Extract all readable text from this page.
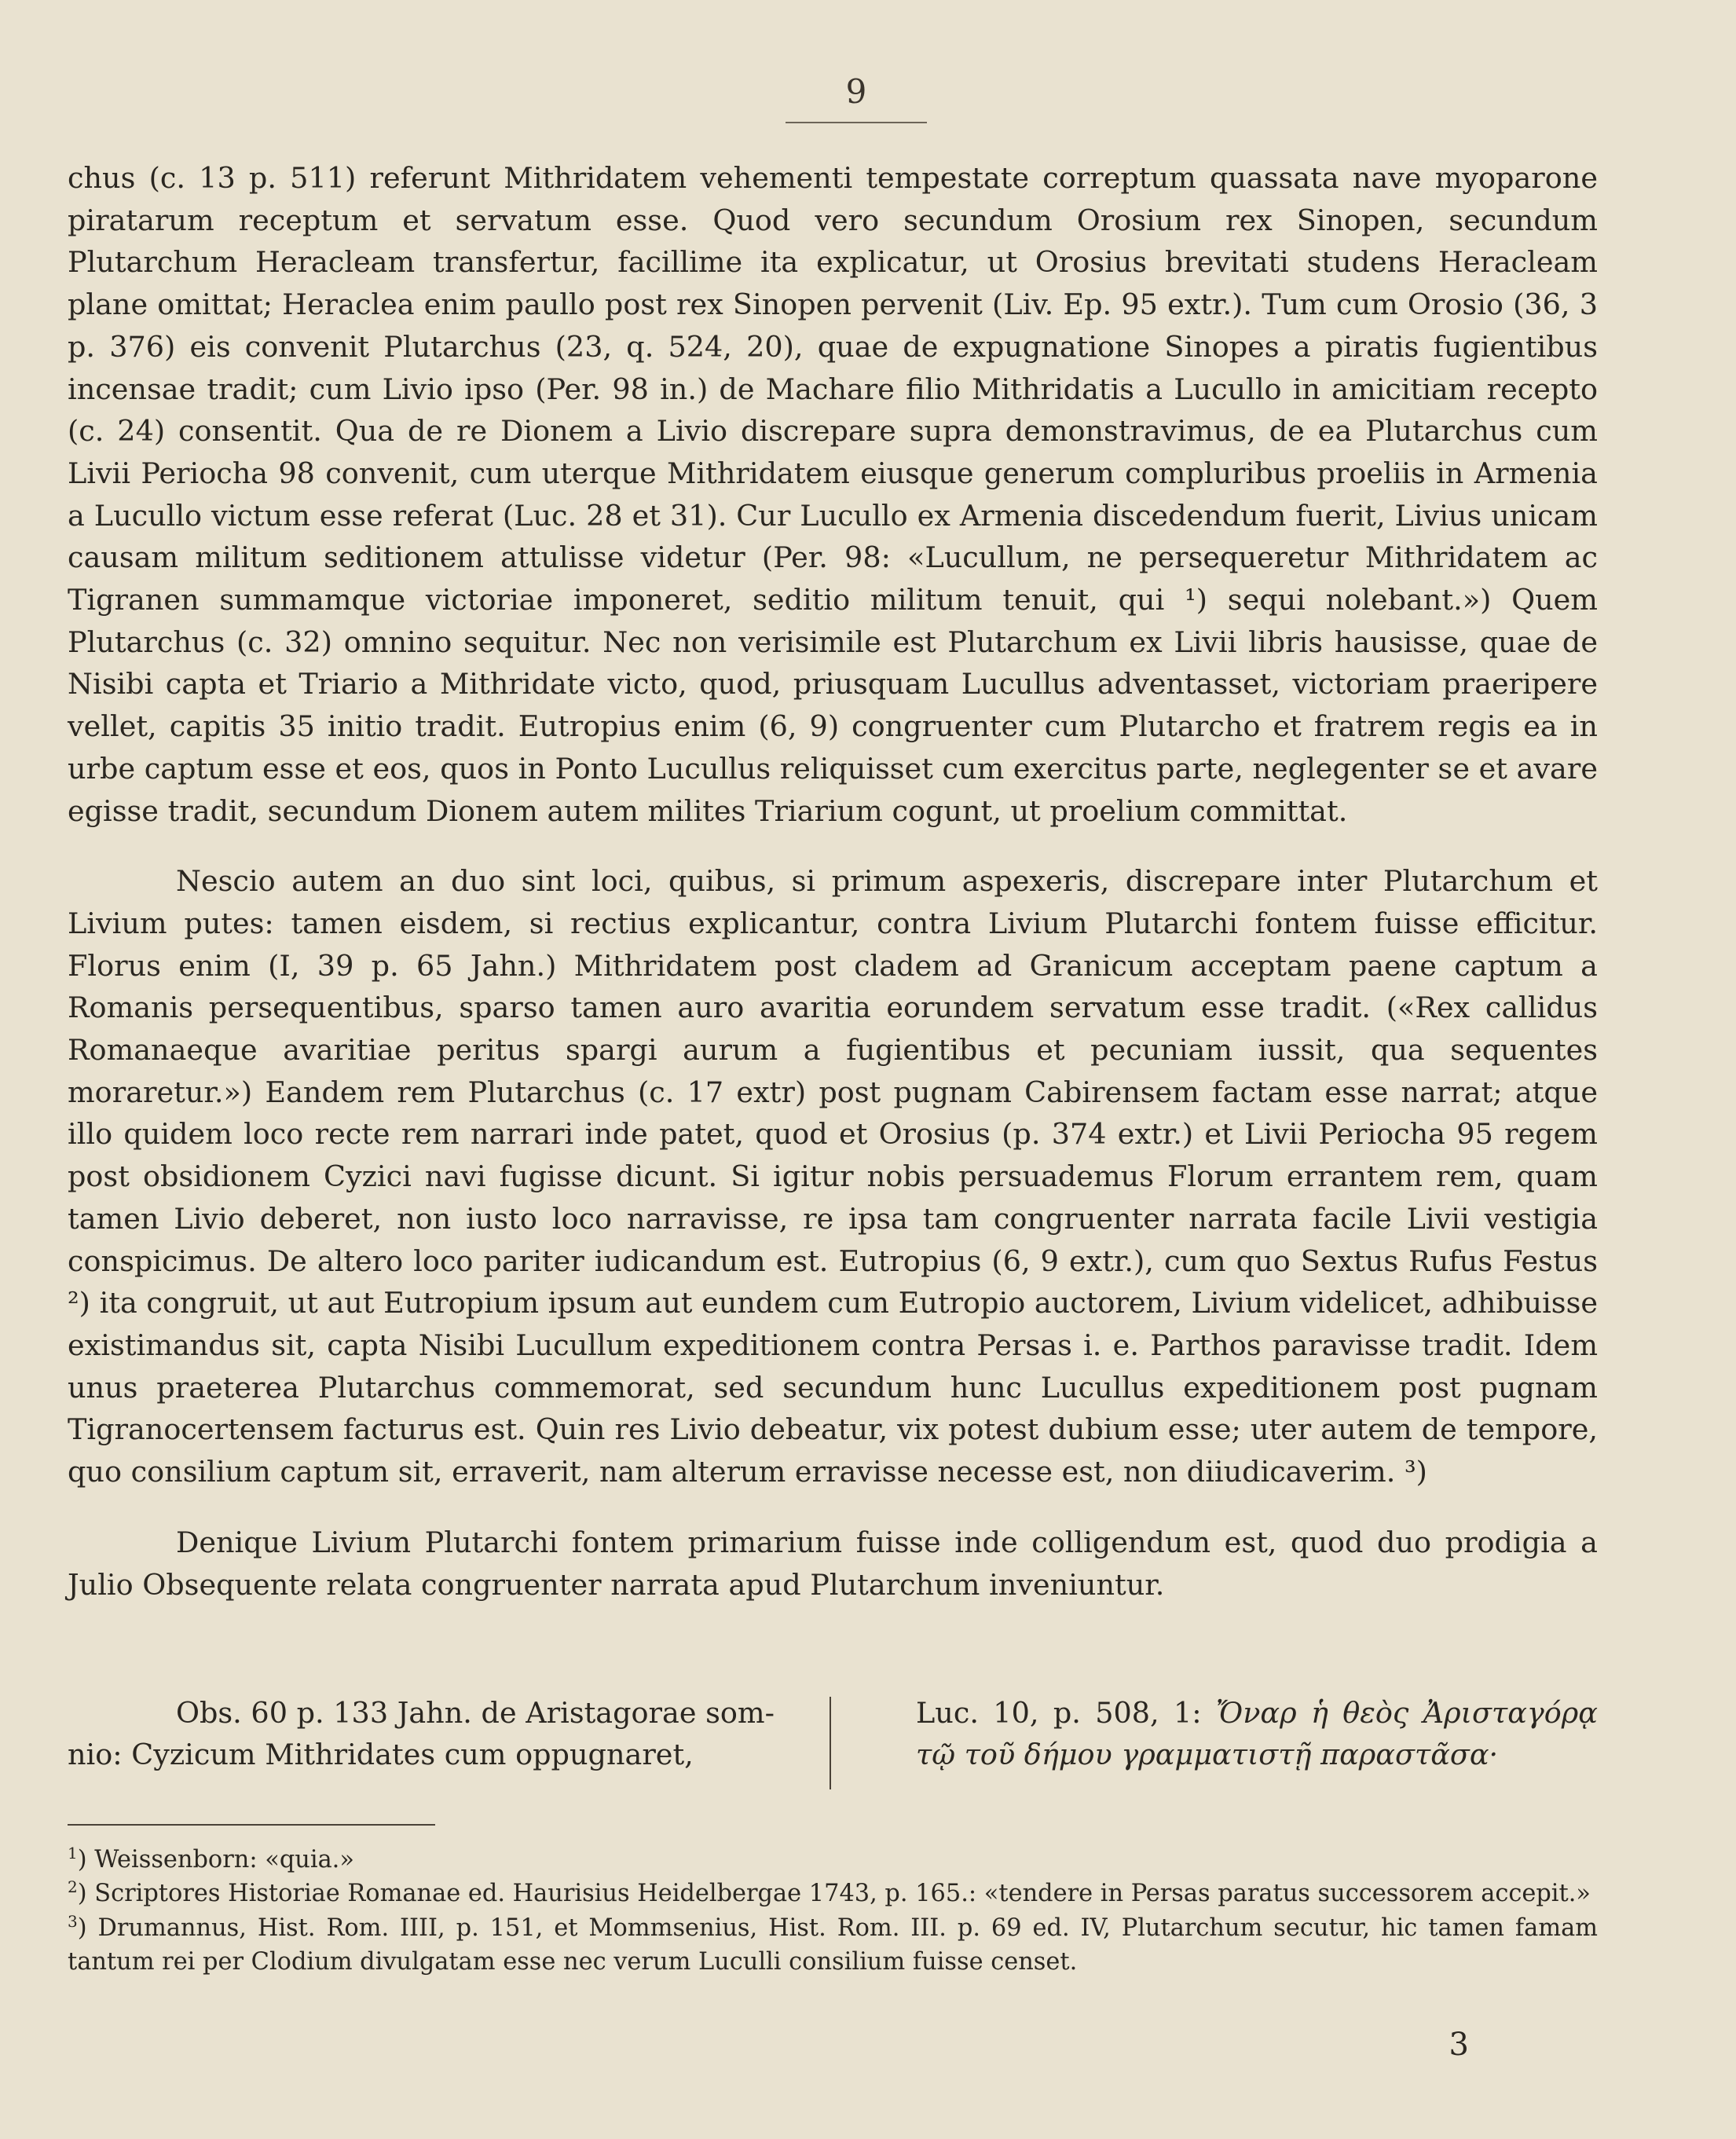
9

chus (c. 13 p. 511) referunt Mithridatem vehementi tempestate correptum quassata nave myoparone piratarum receptum et servatum esse. Quod vero secundum Orosium rex Sinopen, secundum Plutarchum Heracleam transfertur, facillime ita explicatur, ut Orosius brevitati studens Heracleam plane omittat; Heraclea enim paullo post rex Sinopen pervenit (Liv. Ep. 95 extr.). Tum cum Orosio (36, 3 p. 376) eis convenit Plutarchus (23, q. 524, 20), quae de expugnatione Sinopes a piratis fugientibus incensae tradit; cum Livio ipso (Per. 98 in.) de Machare filio Mithridatis a Lucullo in amicitiam recepto (c. 24) consentit. Qua de re Dionem a Livio discrepare supra demonstravimus, de ea Plutarchus cum Livii Periocha 98 convenit, cum uterque Mithridatem eiusque generum compluribus proeliis in Armenia a Lucullo victum esse referat (Luc. 28 et 31). Cur Lucullo ex Armenia discedendum fuerit, Livius unicam causam militum seditionem attulisse videtur (Per. 98: «Lucullum, ne persequeretur Mithridatem ac Tigranen summamque victoriae imponeret, seditio militum tenuit, qui ¹) sequi nolebant.») Quem Plutarchus (c. 32) omnino sequitur. Nec non verisimile est Plutarchum ex Livii libris hausisse, quae de Nisibi capta et Triario a Mithridate victo, quod, priusquam Lucullus adventasset, victoriam praeripere vellet, capitis 35 initio tradit. Eutropius enim (6, 9) congruenter cum Plutarcho et fratrem regis ea in urbe captum esse et eos, quos in Ponto Lucullus reliquisset cum exercitus parte, neglegenter se et avare egisse tradit, secundum Dionem autem milites Triarium cogunt, ut proelium committat.

Nescio autem an duo sint loci, quibus, si primum aspexeris, discrepare inter Plutarchum et Livium putes: tamen eisdem, si rectius explicantur, contra Livium Plutarchi fontem fuisse efficitur. Florus enim (I, 39 p. 65 Jahn.) Mithridatem post cladem ad Granicum acceptam paene captum a Romanis persequentibus, sparso tamen auro avaritia eorundem servatum esse tradit. («Rex callidus Romanaeque avaritiae peritus spargi aurum a fugientibus et pecuniam iussit, qua sequentes moraretur.») Eandem rem Plutarchus (c. 17 extr) post pugnam Cabirensem factam esse narrat; atque illo quidem loco recte rem narrari inde patet, quod et Orosius (p. 374 extr.) et Livii Periocha 95 regem post obsidionem Cyzici navi fugisse dicunt. Si igitur nobis persuademus Florum errantem rem, quam tamen Livio deberet, non iusto loco narravisse, re ipsa tam congruenter narrata facile Livii vestigia conspicimus. De altero loco pariter iudicandum est. Eutropius (6, 9 extr.), cum quo Sextus Rufus Festus ²) ita congruit, ut aut Eutropium ipsum aut eundem cum Eutropio auctorem, Livium videlicet, adhibuisse existimandus sit, capta Nisibi Lucullum expeditionem contra Persas i. e. Parthos paravisse tradit. Idem unus praeterea Plutarchus commemorat, sed secundum hunc Lucullus expeditionem post pugnam Tigranocertensem facturus est. Quin res Livio debeatur, vix potest dubium esse; uter autem de tempore, quo consilium captum sit, erraverit, nam alterum erravisse necesse est, non diiudicaverim. ³)

Denique Livium Plutarchi fontem primarium fuisse inde colligendum est, quod duo prodigia a Julio Obsequente relata congruenter narrata apud Plutarchum inveniuntur.

Obs. 60 p. 133 Jahn. de Aristagorae som-
nio: Cyzicum Mithridates cum oppugnaret,
Luc. 10, p. 508, 1: Ὄναρ ἡ θεὸς Ἀρισταγόρᾳ τῷ τοῦ δήμου γραμματιστῇ παραστᾶσα·

$^1$) Weissenborn: «quia.»

$^2$) Scriptores Historiae Romanae ed. Haurisius Heidelbergae 1743, p. 165.: «tendere in Persas paratus successorem accepit.»

$^3$) Drumannus, Hist. Rom. IIII, p. 151, et Mommsenius, Hist. Rom. III. p. 69 ed. IV, Plutarchum secutur, hic tamen famam tantum rei per Clodium divulgatam esse nec verum Luculli consilium fuisse censet.

3
